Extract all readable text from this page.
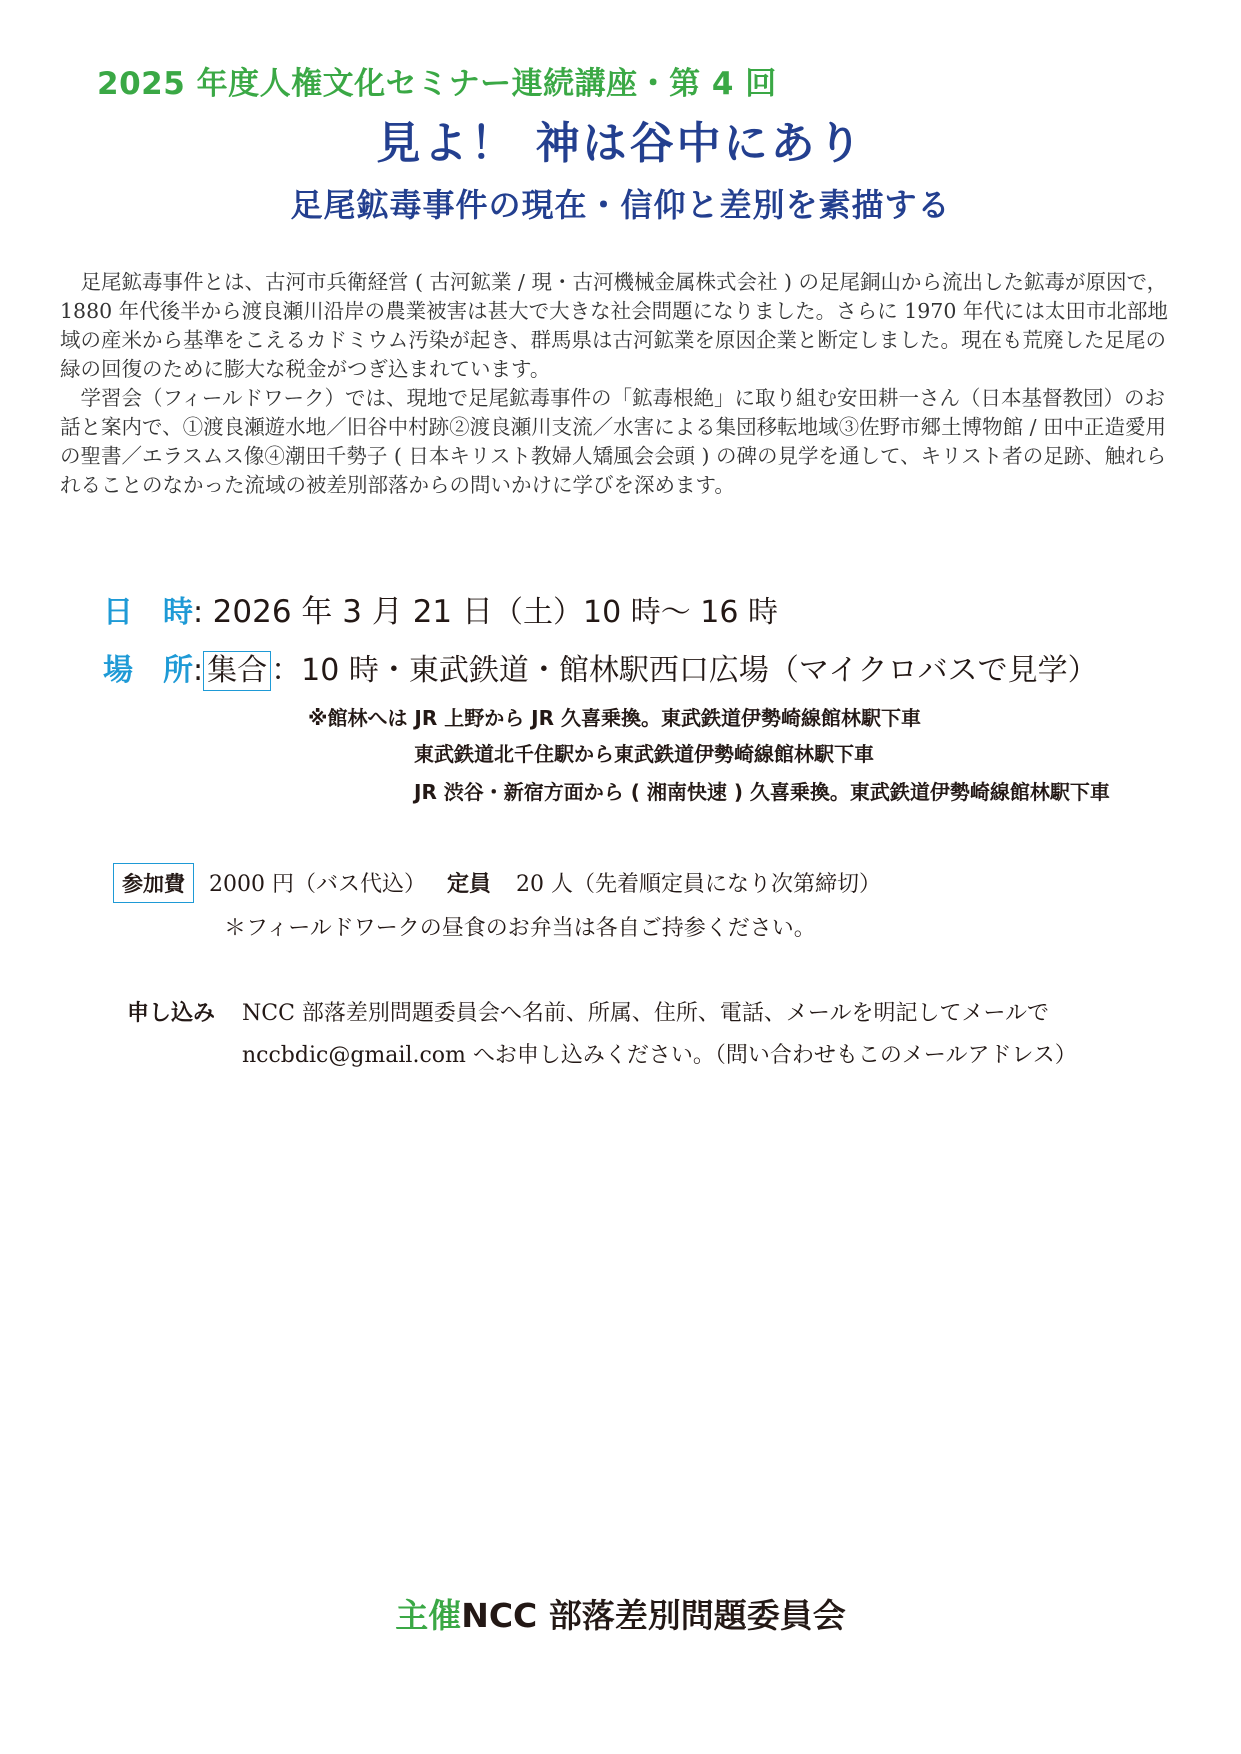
2025 年度人権文化セミナー連続講座・第 4 回
見よ！ 神は谷中にあり
足尾鉱毒事件の現在・信仰と差別を素描する

足尾鉱毒事件とは、古河市兵衛経営 ( 古河鉱業 / 現・古河機械金属株式会社 ) の足尾銅山から流出した鉱毒が原因で，1880 年代後半から渡良瀬川沿岸の農業被害は甚大で大きな社会問題になりました。さらに 1970 年代には太田市北部地域の産米から基準をこえるカドミウム汚染が起き、群馬県は古河鉱業を原因企業と断定しました。現在も荒廃した足尾の緑の回復のために膨大な税金がつぎ込まれています。

学習会（フィールドワーク）では、現地で足尾鉱毒事件の「鉱毒根絶」に取り組む安田耕一さん（日本基督教団）のお話と案内で、①渡良瀬遊水地／旧谷中村跡②渡良瀬川支流／水害による集団移転地域③佐野市郷土博物館 / 田中正造愛用の聖書／エラスムス像④潮田千勢子 ( 日本キリスト教婦人矯風会会頭 ) の碑の見学を通して、キリスト者の足跡、触れられることのなかった流域の被差別部落からの問いかけに学びを深めます。

日　時: 2026 年 3 月 21 日（土）10 時〜 16 時
場　所: 集合 ：10 時・東武鉄道・館林駅西口広場（マイクロバスで見学）
※館林へは JR 上野から JR 久喜乗換。東武鉄道伊勢崎線館林駅下車
東武鉄道北千住駅から東武鉄道伊勢崎線館林駅下車
JR 渋谷・新宿方面から ( 湘南快速 ) 久喜乗換。東武鉄道伊勢崎線館林駅下車
参加費 2000 円（バス代込） 定員 20 人（先着順定員になり次第締切）
＊フィールドワークの昼食のお弁当は各自ご持参ください。
申し込み NCC 部落差別問題委員会へ名前、所属、住所、電話、メールを明記してメールで
nccbdic@gmail.com へお申し込みください。（問い合わせもこのメールアドレス）
主催NCC 部落差別問題委員会
